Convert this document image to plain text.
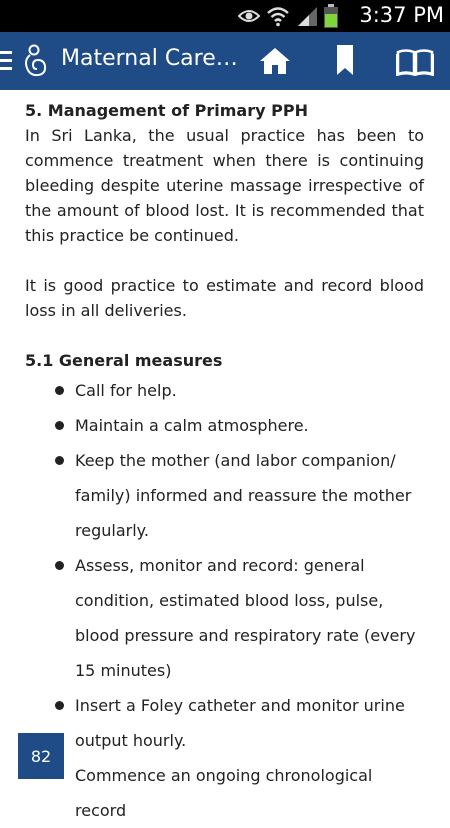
3:37 PM
Maternal Care…

5. Management of Primary PPH

In Sri Lanka, the usual practice has been to commence treatment when there is continuing bleeding despite uterine massage irrespective of the amount of blood lost. It is recommended that this practice be continued.

It is good practice to estimate and record blood loss in all deliveries.

5.1 General measures

Call for help.
Maintain a calm atmosphere.
Keep the mother (and labor companion/ family) informed and reassure the mother regularly.
Assess, monitor and record: general condition, estimated blood loss, pulse, blood pressure and respiratory rate (every 15 minutes)
Insert a Foley catheter and monitor urine output hourly.
Commence an ongoing chronological record
82
